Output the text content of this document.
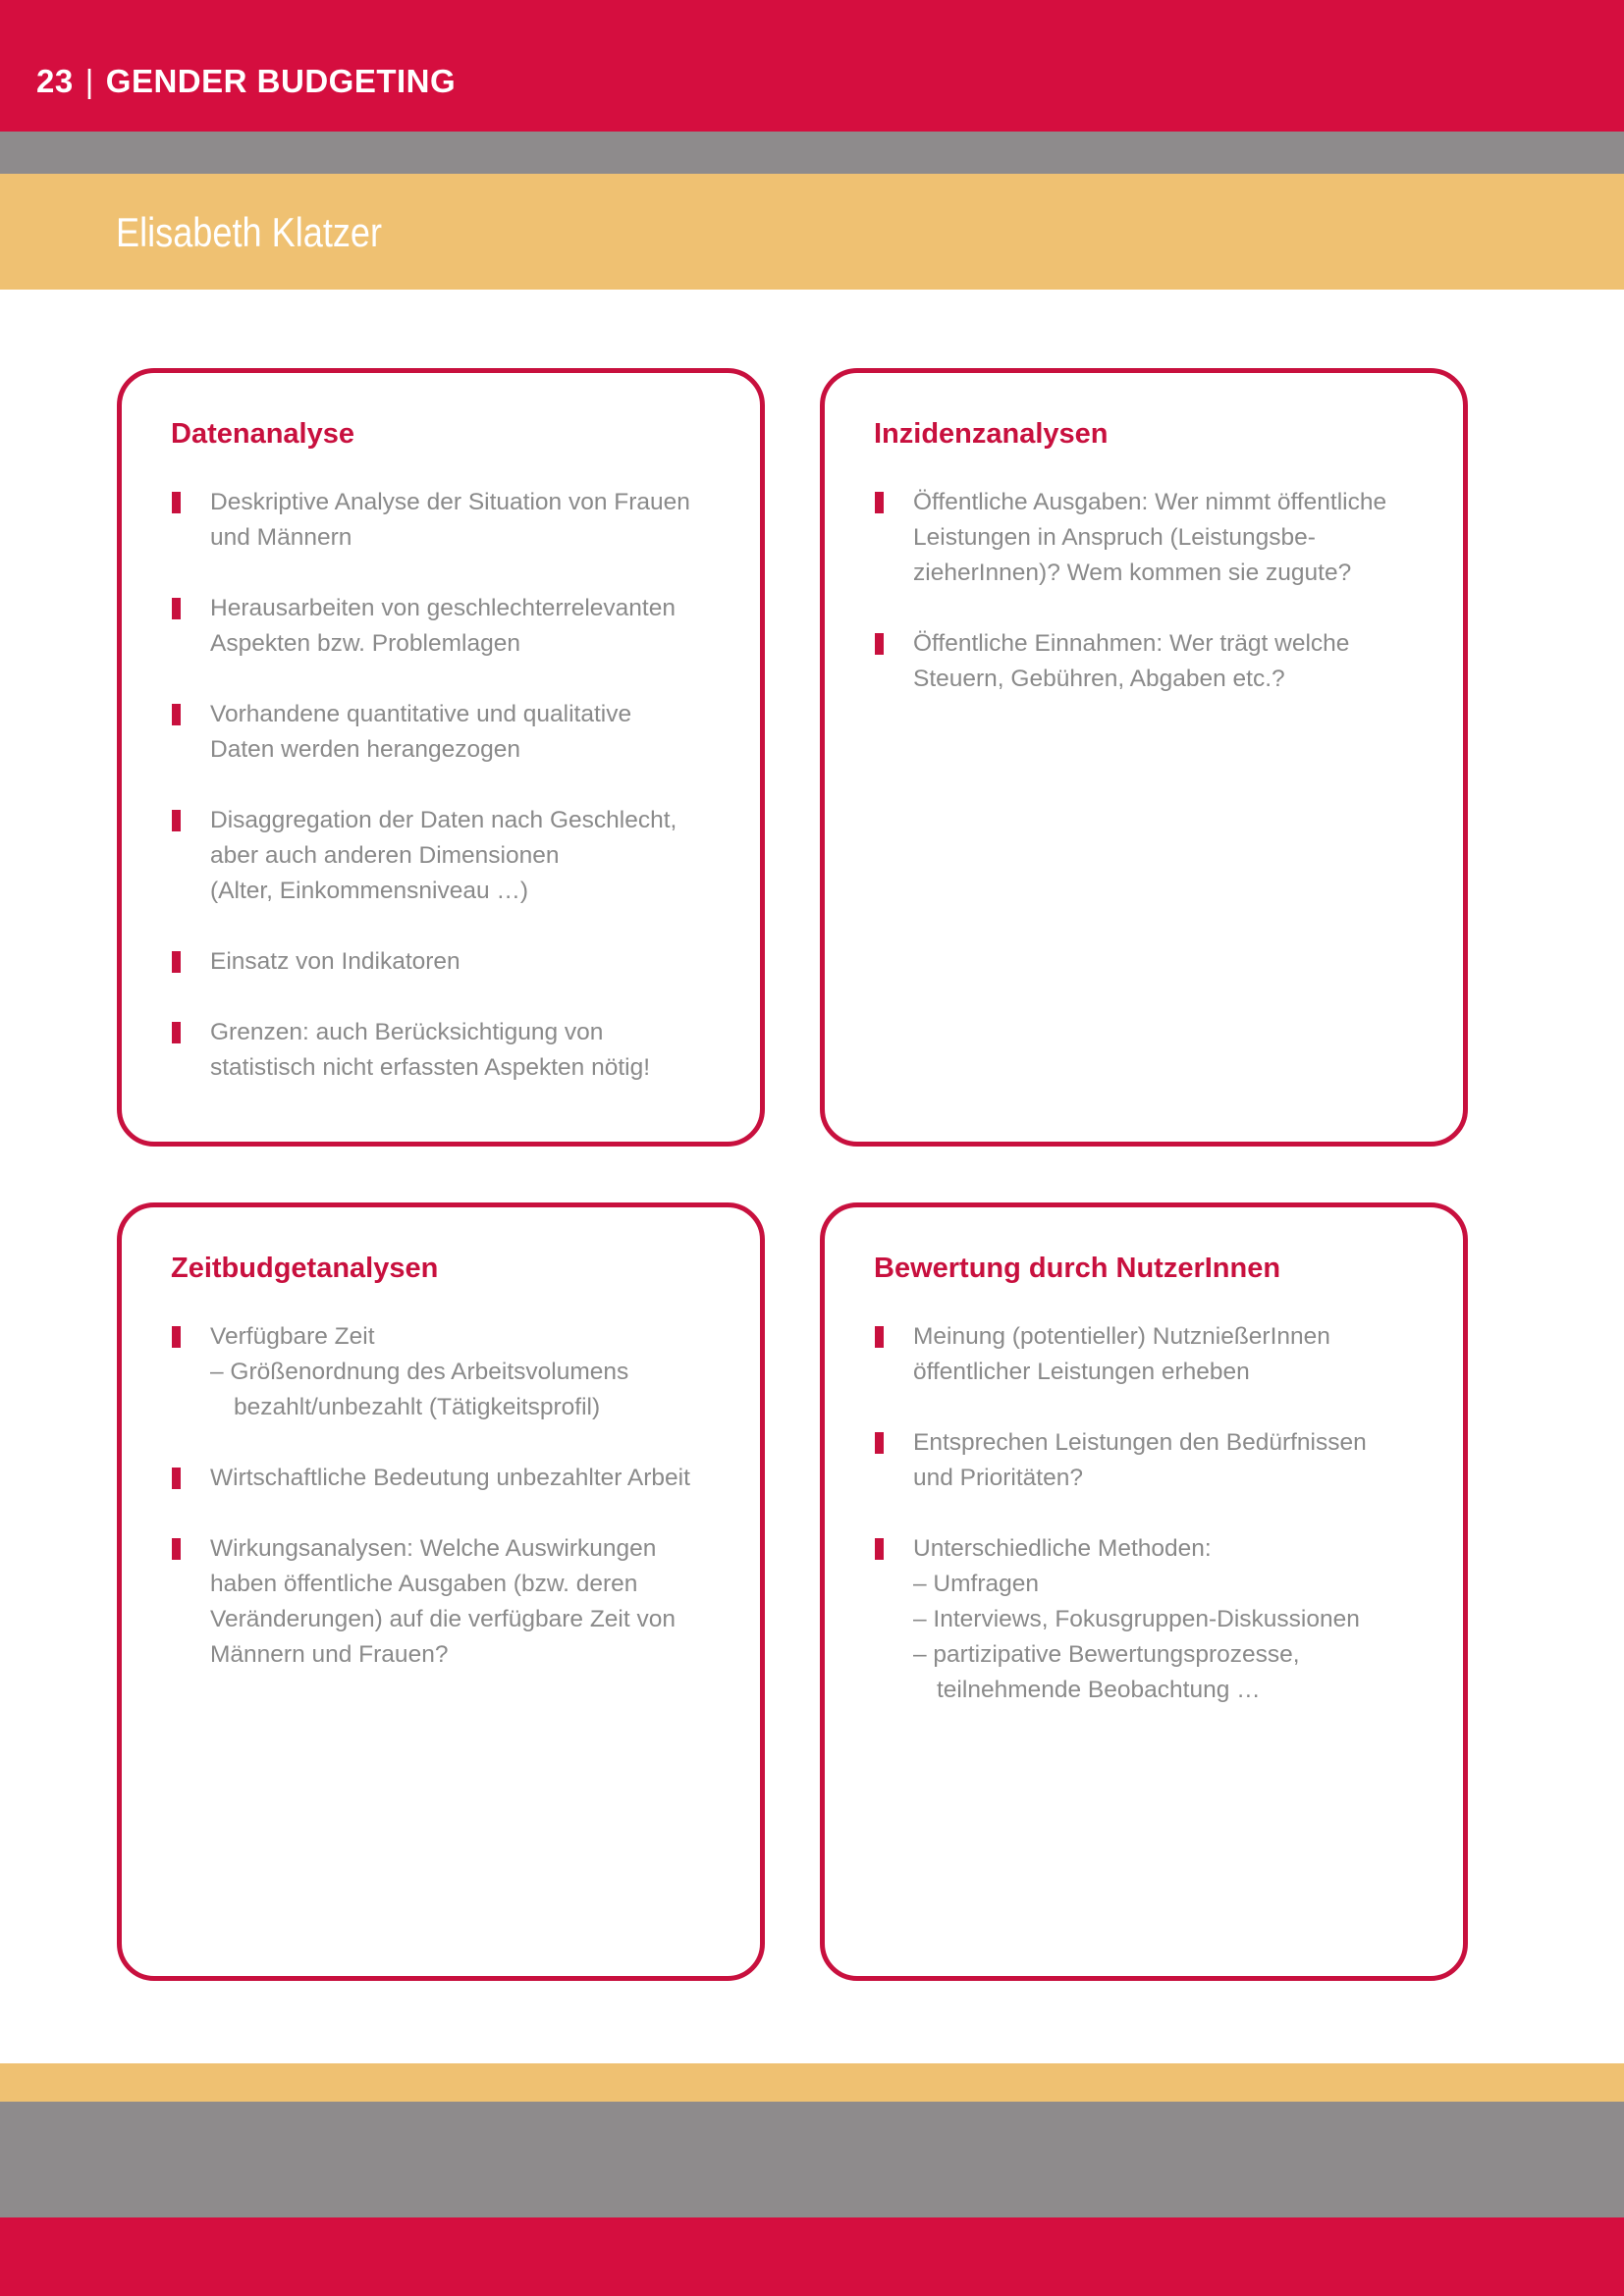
23 | GENDER BUDGETING
Elisabeth Klatzer
Datenanalyse
Deskriptive Analyse der Situation von Frauen
und Männern
Herausarbeiten von geschlechterrelevanten
Aspekten bzw. Problemlagen
Vorhandene quantitative und qualitative
Daten werden herangezogen
Disaggregation der Daten nach Geschlecht,
aber auch anderen Dimensionen
(Alter, Einkommensniveau …)
Einsatz von Indikatoren
Grenzen: auch Berücksichtigung von
statistisch nicht erfassten Aspekten nötig!
Inzidenzanalysen
Öffentliche Ausgaben: Wer nimmt öffentliche
Leistungen in Anspruch (Leistungsbe-
zieherInnen)? Wem kommen sie zugute?
Öffentliche Einnahmen: Wer trägt welche
Steuern, Gebühren, Abgaben etc.?
Zeitbudgetanalysen
Verfügbare Zeit
– Größenordnung des Arbeitsvolumens bezahlt/unbezahlt (Tätigkeitsprofil)
Wirtschaftliche Bedeutung unbezahlter Arbeit
Wirkungsanalysen: Welche Auswirkungen
haben öffentliche Ausgaben (bzw. deren
Veränderungen) auf die verfügbare Zeit von
Männern und Frauen?
Bewertung durch NutzerInnen
Meinung (potentieller) NutznießerInnen
öffentlicher Leistungen erheben
Entsprechen Leistungen den Bedürfnissen
und Prioritäten?
Unterschiedliche Methoden:
– Umfragen
– Interviews, Fokusgruppen-Diskussionen
– partizipative Bewertungsprozesse, teilnehmende Beobachtung …
